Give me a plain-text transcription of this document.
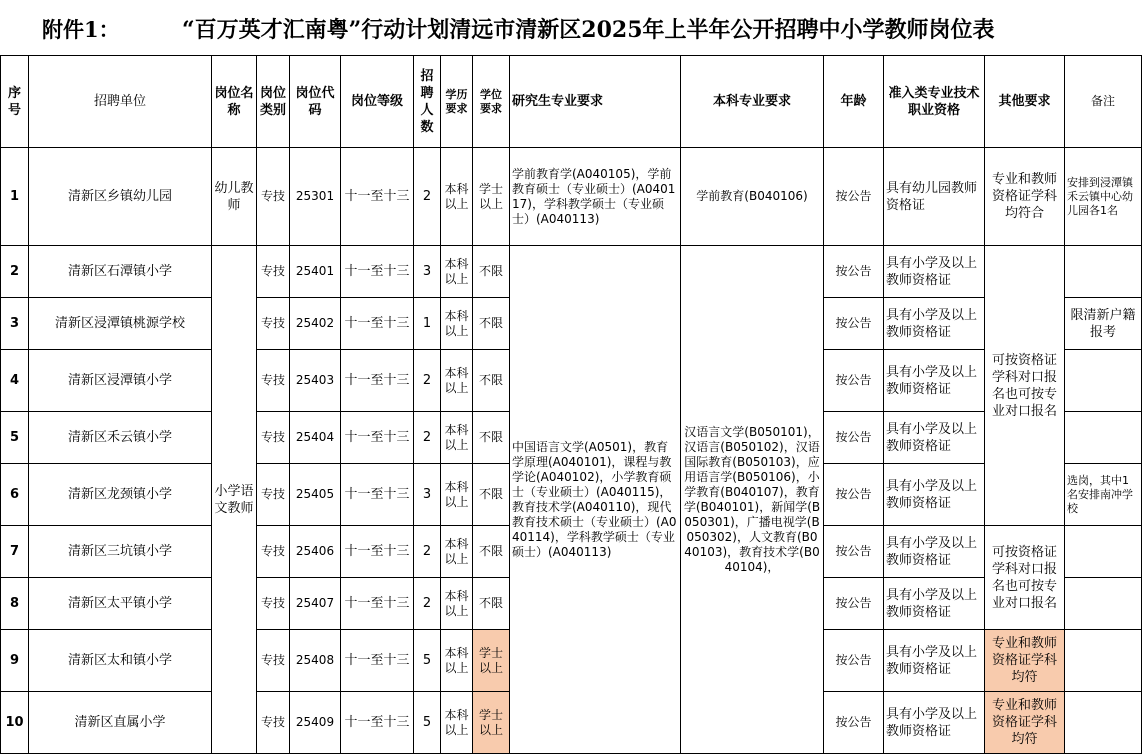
附件1：	“百万英才汇南粤”行动计划清远市清新区2025年上半年公开招聘中小学教师岗位表
序号	招聘单位	岗位名称	岗位类别	岗位代码	岗位等级	招聘人数	学历要求	学位要求	研究生专业要求	本科专业要求	年龄	准入类专业技术职业资格	其他要求	备注
1	清新区乡镇幼儿园	幼儿教师	专技	25301	十一至十三	2	本科以上	学士以上	学前教育学(A040105)，学前教育硕士（专业硕士）(A040117)，学科教学硕士（专业硕士）(A040113)	学前教育(B040106)	按公告	具有幼儿园教师资格证	专业和教师资格证学科均符合	安排到浸潭镇禾云镇中心幼儿园各1名
2	清新区石潭镇小学	小学语文教师	专技	25401	十一至十三	3	本科以上	不限	中国语言文学(A0501)，教育学原理(A040101)，课程与教学论(A040102)，小学教育硕士（专业硕士）(A040115)，教育技术学(A040110)，现代教育技术硕士（专业硕士）(A040114)，学科教学硕士（专业硕士）(A040113)	汉语言文学(B050101)，汉语言(B050102)，汉语国际教育(B050103)，应用语言学(B050106)，小学教育(B040107)，教育学(B040101)，新闻学(B050301)，广播电视学(B050302)，人文教育(B040103)，教育技术学(B040104)，	按公告	具有小学及以上教师资格证	可按资格证学科对口报名也可按专业对口报名	
3	清新区浸潭镇桃源学校		专技	25402	十一至十三	1	本科以上	不限			按公告	具有小学及以上教师资格证		限清新户籍报考
4	清新区浸潭镇小学		专技	25403	十一至十三	2	本科以上	不限			按公告	具有小学及以上教师资格证		
5	清新区禾云镇小学		专技	25404	十一至十三	2	本科以上	不限			按公告	具有小学及以上教师资格证		
6	清新区龙颈镇小学		专技	25405	十一至十三	3	本科以上	不限			按公告	具有小学及以上教师资格证		选岗，其中1名安排南冲学校
7	清新区三坑镇小学		专技	25406	十一至十三	2	本科以上	不限			按公告	具有小学及以上教师资格证	可按资格证学科对口报名也可按专业对口报名	
8	清新区太平镇小学		专技	25407	十一至十三	2	本科以上	不限			按公告	具有小学及以上教师资格证		
9	清新区太和镇小学		专技	25408	十一至十三	5	本科以上	学士以上			按公告	具有小学及以上教师资格证	专业和教师资格证学科均符	
10	清新区直属小学		专技	25409	十一至十三	5	本科以上	学士以上			按公告	具有小学及以上教师资格证	专业和教师资格证学科均符	
